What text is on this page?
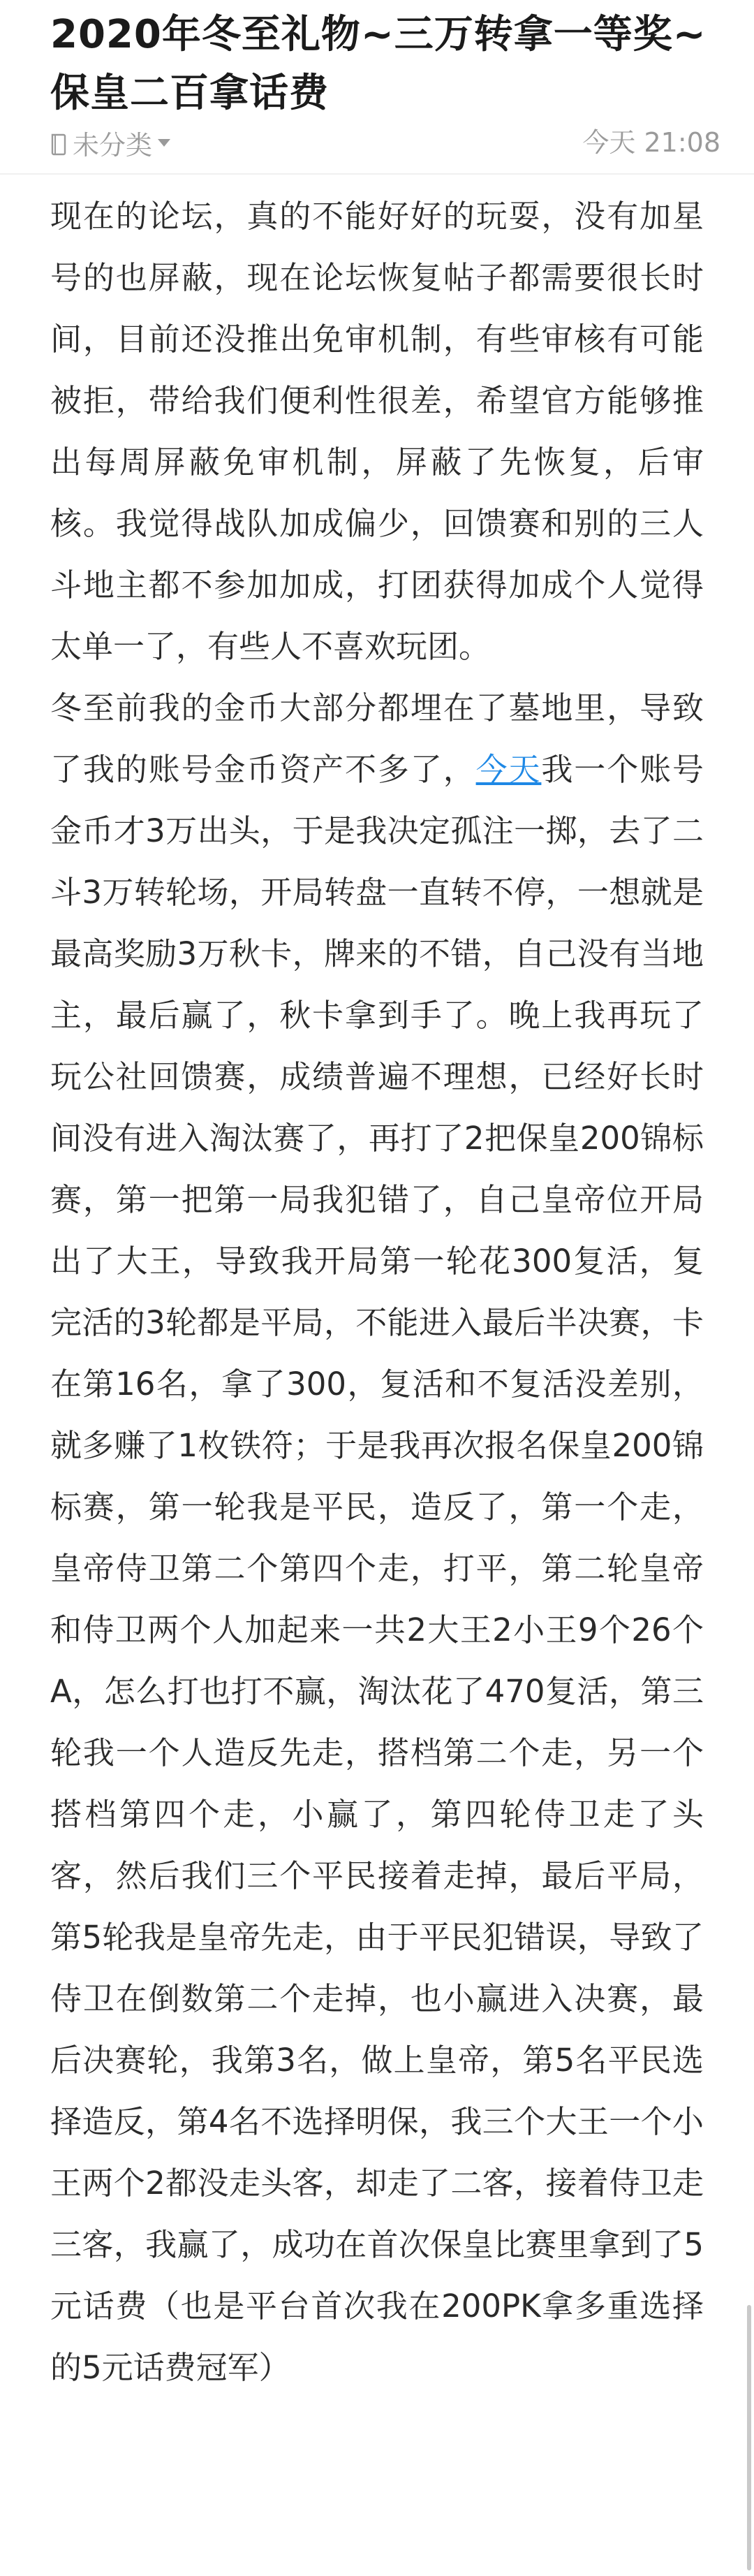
2020年冬至礼物~三万转拿一等奖~
保皇二百拿话费
未分类	今天 21:08

现在的论坛，真的不能好好的玩耍，没有加星号的也屏蔽，现在论坛恢复帖子都需要很长时间，目前还没推出免审机制，有些审核有可能被拒，带给我们便利性很差，希望官方能够推出每周屏蔽免审机制，屏蔽了先恢复，后审核。我觉得战队加成偏少，回馈赛和别的三人斗地主都不参加加成，打团获得加成个人觉得太单一了，有些人不喜欢玩团。

冬至前我的金币大部分都埋在了墓地里，导致了我的账号金币资产不多了，今天我一个账号金币才3万出头，于是我决定孤注一掷，去了二斗3万转轮场，开局转盘一直转不停，一想就是最高奖励3万秋卡，牌来的不错，自己没有当地主，最后赢了，秋卡拿到手了。晚上我再玩了玩公社回馈赛，成绩普遍不理想，已经好长时间没有进入淘汰赛了，再打了2把保皇200锦标赛，第一把第一局我犯错了，自己皇帝位开局出了大王，导致我开局第一轮花300复活，复完活的3轮都是平局，不能进入最后半决赛，卡在第16名，拿了300，复活和不复活没差别，就多赚了1枚铁符；于是我再次报名保皇200锦标赛，第一轮我是平民，造反了，第一个走，皇帝侍卫第二个第四个走，打平，第二轮皇帝和侍卫两个人加起来一共2大王2小王9个26个A，怎么打也打不赢，淘汰花了470复活，第三轮我一个人造反先走，搭档第二个走，另一个搭档第四个走，小赢了，第四轮侍卫走了头客，然后我们三个平民接着走掉，最后平局，第5轮我是皇帝先走，由于平民犯错误，导致了侍卫在倒数第二个走掉，也小赢进入决赛，最后决赛轮，我第3名，做上皇帝，第5名平民选择造反，第4名不选择明保，我三个大王一个小王两个2都没走头客，却走了二客，接着侍卫走三客，我赢了，成功在首次保皇比赛里拿到了5元话费（也是平台首次我在200PK拿多重选择的5元话费冠军）
